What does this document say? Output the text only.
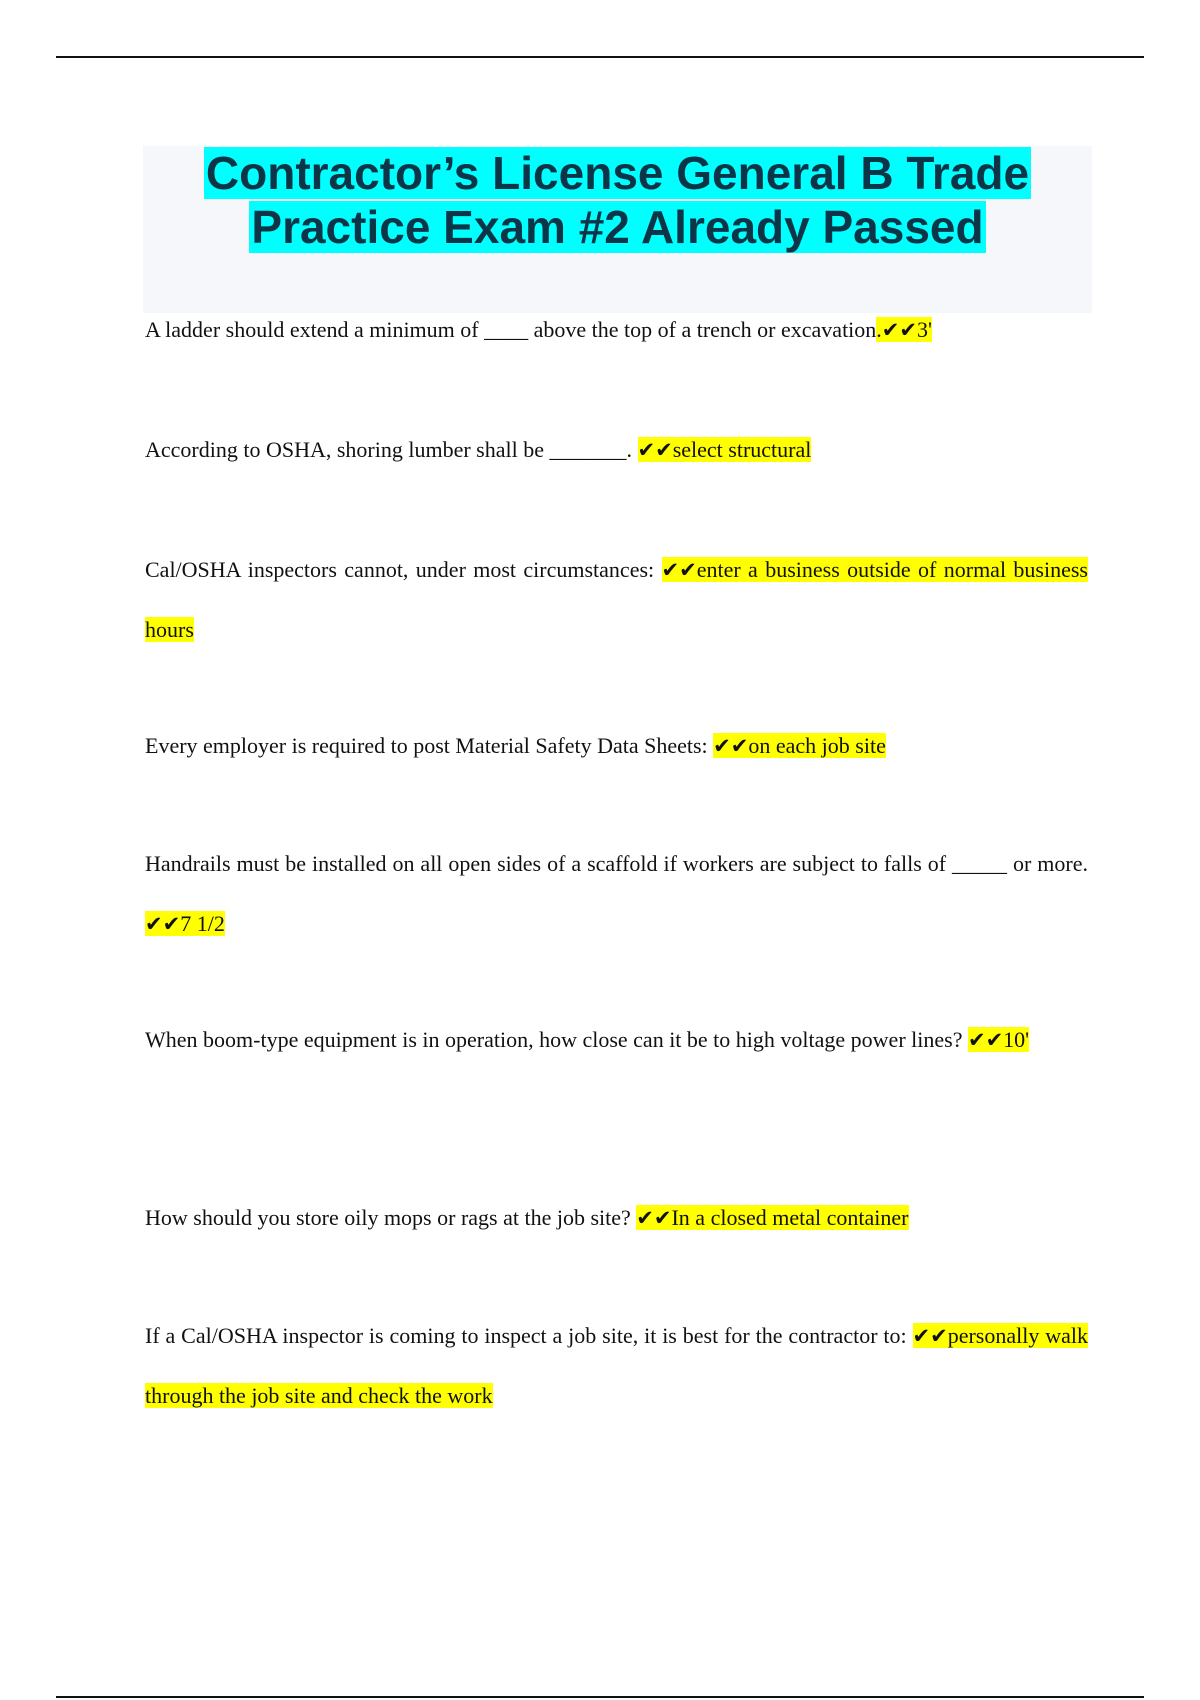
Contractor’s License General B Trade
Practice Exam #2 Already Passed

A ladder should extend a minimum of ____ above the top of a trench or excavation.✔✔3'

According to OSHA, shoring lumber shall be _______. ✔✔select structural

Cal/OSHA inspectors cannot, under most circumstances: ✔✔enter a business outside of normal business hours

Every employer is required to post Material Safety Data Sheets: ✔✔on each job site

Handrails must be installed on all open sides of a scaffold if workers are subject to falls of _____ or more. ✔✔7 1/2

When boom-type equipment is in operation, how close can it be to high voltage power lines? ✔✔10'

How should you store oily mops or rags at the job site? ✔✔In a closed metal container

If a Cal/OSHA inspector is coming to inspect a job site, it is best for the contractor to: ✔✔personally walk through the job site and check the work
